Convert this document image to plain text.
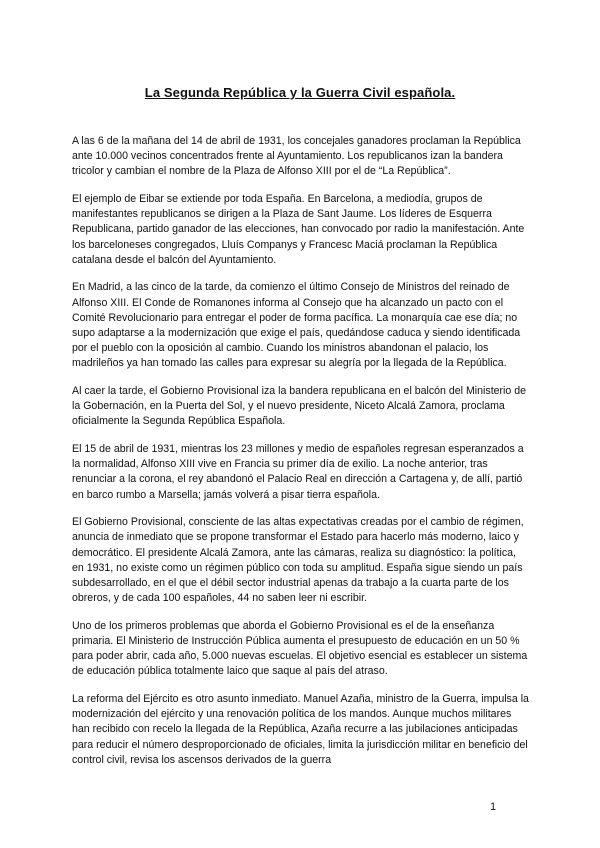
La Segunda República y la Guerra Civil española.

A las 6 de la mañana del 14 de abril de 1931, los concejales ganadores proclaman la República ante 10.000 vecinos concentrados frente al Ayuntamiento. Los republicanos izan la bandera tricolor y cambian el nombre de la Plaza de Alfonso XIII por el de “La República”.

El ejemplo de Eibar se extiende por toda España. En Barcelona, a mediodía, grupos de manifestantes republicanos se dirigen a la Plaza de Sant Jaume. Los líderes de Esquerra Republicana, partido ganador de las elecciones, han convocado por radio la manifestación. Ante los barceloneses congregados, Lluís Companys y Francesc Maciá proclaman la República catalana desde el balcón del Ayuntamiento.

En Madrid, a las cinco de la tarde, da comienzo el último Consejo de Ministros del reinado de Alfonso XIII. El Conde de Romanones informa al Consejo que ha alcanzado un pacto con el Comité Revolucionario para entregar el poder de forma pacífica. La monarquía cae ese día; no supo adaptarse a la modernización que exige el país, quedándose caduca y siendo identificada por el pueblo con la oposición al cambio. Cuando los ministros abandonan el palacio, los madrileños ya han tomado las calles para expresar su alegría por la llegada de la República.

Al caer la tarde, el Gobierno Provisional iza la bandera republicana en el balcón del Ministerio de la Gobernación, en la Puerta del Sol, y el nuevo presidente, Niceto Alcalá Zamora, proclama oficialmente la Segunda República Española.

El 15 de abril de 1931, mientras los 23 millones y medio de españoles regresan esperanzados a la normalidad, Alfonso XIII vive en Francia su primer día de exilio. La noche anterior, tras renunciar a la corona, el rey abandonó el Palacio Real en dirección a Cartagena y, de allí, partió en barco rumbo a Marsella; jamás volverá a pisar tierra española.

El Gobierno Provisional, consciente de las altas expectativas creadas por el cambio de régimen, anuncia de inmediato que se propone transformar el Estado para hacerlo más moderno, laico y democrático. El presidente Alcalá Zamora, ante las cámaras, realiza su diagnóstico: la política, en 1931, no existe como un régimen público con toda su amplitud. España sigue siendo un país subdesarrollado, en el que el débil sector industrial apenas da trabajo a la cuarta parte de los obreros, y de cada 100 españoles, 44 no saben leer ni escribir.

Uno de los primeros problemas que aborda el Gobierno Provisional es el de la enseñanza primaria. El Ministerio de Instrucción Pública aumenta el presupuesto de educación en un 50 % para poder abrir, cada año, 5.000 nuevas escuelas. El objetivo esencial es establecer un sistema de educación pública totalmente laico que saque al país del atraso.

La reforma del Ejército es otro asunto inmediato. Manuel Azaña, ministro de la Guerra, impulsa la modernización del ejército y una renovación política de los mandos. Aunque muchos militares han recibido con recelo la llegada de la República, Azaña recurre a las jubilaciones anticipadas para reducir el número desproporcionado de oficiales, limita la jurisdicción militar en beneficio del control civil, revisa los ascensos derivados de la guerra

1
